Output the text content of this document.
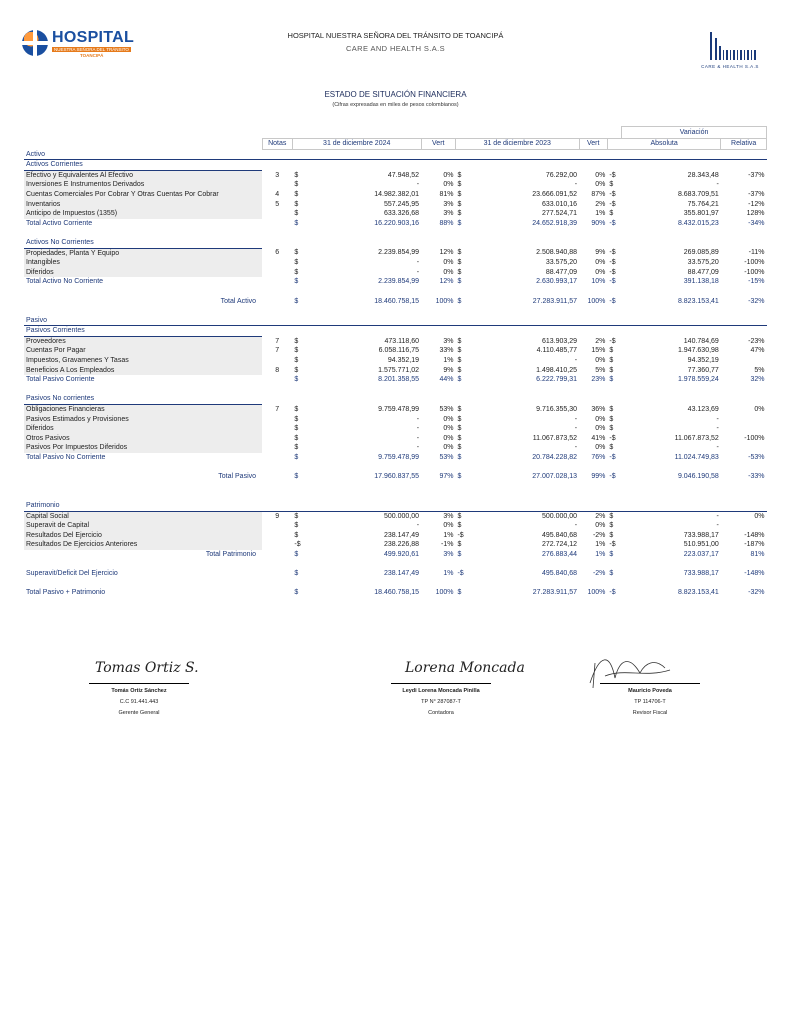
HOSPITAL
NUESTRA SEÑORA DEL TRÁNSITO
TOANCIPÁ
CARE & HEALTH S.A.S
HOSPITAL NUESTRA SEÑORA DEL TRÁNSITO DE TOANCIPÁ
CARE AND HEALTH S.A.S
ESTADO DE SITUACIÓN FINANCIERA
(Cifras expresadas en miles de pesos colombianos)
									Variación	
	Notas	31 de diciembre 2024		Vert	31 de diciembre 2023		Vert	Absoluta		Relativa
Activo										
Activos Corrientes										
Efectivo y Equivalentes Al Efectivo	3	$	47.948,52	0%	$	76.292,00	0%	-$	28.343,48	-37%
Inversiones E Instrumentos Derivados		$	-	0%	$	-	0%	$	-	
Cuentas Comerciales Por Cobrar Y Otras Cuentas Por Cobrar	4	$	14.982.382,01	81%	$	23.666.091,52	87%	-$	8.683.709,51	-37%
Inventarios	5	$	557.245,95	3%	$	633.010,16	2%	-$	75.764,21	-12%
Anticipo de Impuestos (1355)		$	633.326,68	3%	$	277.524,71	1%	$	355.801,97	128%
Total Activo Corriente		$	16.220.903,16	88%	$	24.652.918,39	90%	-$	8.432.015,23	-34%

Activos No Corrientes										
Propiedades, Planta Y Equipo	6	$	2.239.854,99	12%	$	2.508.940,88	9%	-$	269.085,89	-11%
Intangibles		$	-	0%	$	33.575,20	0%	-$	33.575,20	-100%
Diferidos		$	-	0%	$	88.477,09	0%	-$	88.477,09	-100%
Total Activo No Corriente		$	2.239.854,99	12%	$	2.630.993,17	10%	-$	391.138,18	-15%

Total Activo		$	18.460.758,15	100%	$	27.283.911,57	100%	-$	8.823.153,41	-32%

Pasivo										
Pasivos Corrientes										
Proveedores	7	$	473.118,60	3%	$	613.903,29	2%	-$	140.784,69	-23%
Cuentas Por Pagar	7	$	6.058.116,75	33%	$	4.110.485,77	15%	$	1.947.630,98	47%
Impuestos, Gravamenes Y Tasas		$	94.352,19	1%	$	-	0%	$	94.352,19	
Beneficios A Los Empleados	8	$	1.575.771,02	9%	$	1.498.410,25	5%	$	77.360,77	5%
Total Pasivo Corriente		$	8.201.358,55	44%	$	6.222.799,31	23%	$	1.978.559,24	32%

Pasivos No corrientes										
Obligaciones Financieras	7	$	9.759.478,99	53%	$	9.716.355,30	36%	$	43.123,69	0%
Pasivos Estimados y Provisiones		$	-	0%	$	-	0%	$	-	
Diferidos		$	-	0%	$	-	0%	$	-	
Otros Pasivos		$	-	0%	$	11.067.873,52	41%	-$	11.067.873,52	-100%
Pasivos Por Impuestos Diferidos		$	-	0%	$	-	0%	$	-	
Total Pasivo No Corriente		$	9.759.478,99	53%	$	20.784.228,82	76%	-$	11.024.749,83	-53%

Total Pasivo		$	17.960.837,55	97%	$	27.007.028,13	99%	-$	9.046.190,58	-33%

Patrimonio										
Capital Social	9	$	500.000,00	3%	$	500.000,00	2%	$	-	0%
Superavit de Capital		$	-	0%	$	-	0%	$	-	
Resultados Del Ejercicio		$	238.147,49	1%	-$	495.840,68	-2%	$	733.988,17	-148%
Resultados De Ejercicios Anteriores		-$	238.226,88	-1%	$	272.724,12	1%	-$	510.951,00	-187%
Total Patrimonio		$	499.920,61	3%	$	276.883,44	1%	$	223.037,17	81%

Superavit/Deficit Del Ejercicio		$	238.147,49	1%	-$	495.840,68	-2%	$	733.988,17	-148%

Total Pasivo + Patrimonio		$	18.460.758,15	100%	$	27.283.911,57	100%	-$	8.823.153,41	-32%
Tomas Ortiz S.	Lorena Moncada
Tomás Ortiz Sánchez
C.C 91.441.443
Gerente General
Leydi Lorena Moncada Pinilla
TP N° 287087-T
Contadora
Mauricio Poveda
TP 114706-T
Revisor Fiscal
